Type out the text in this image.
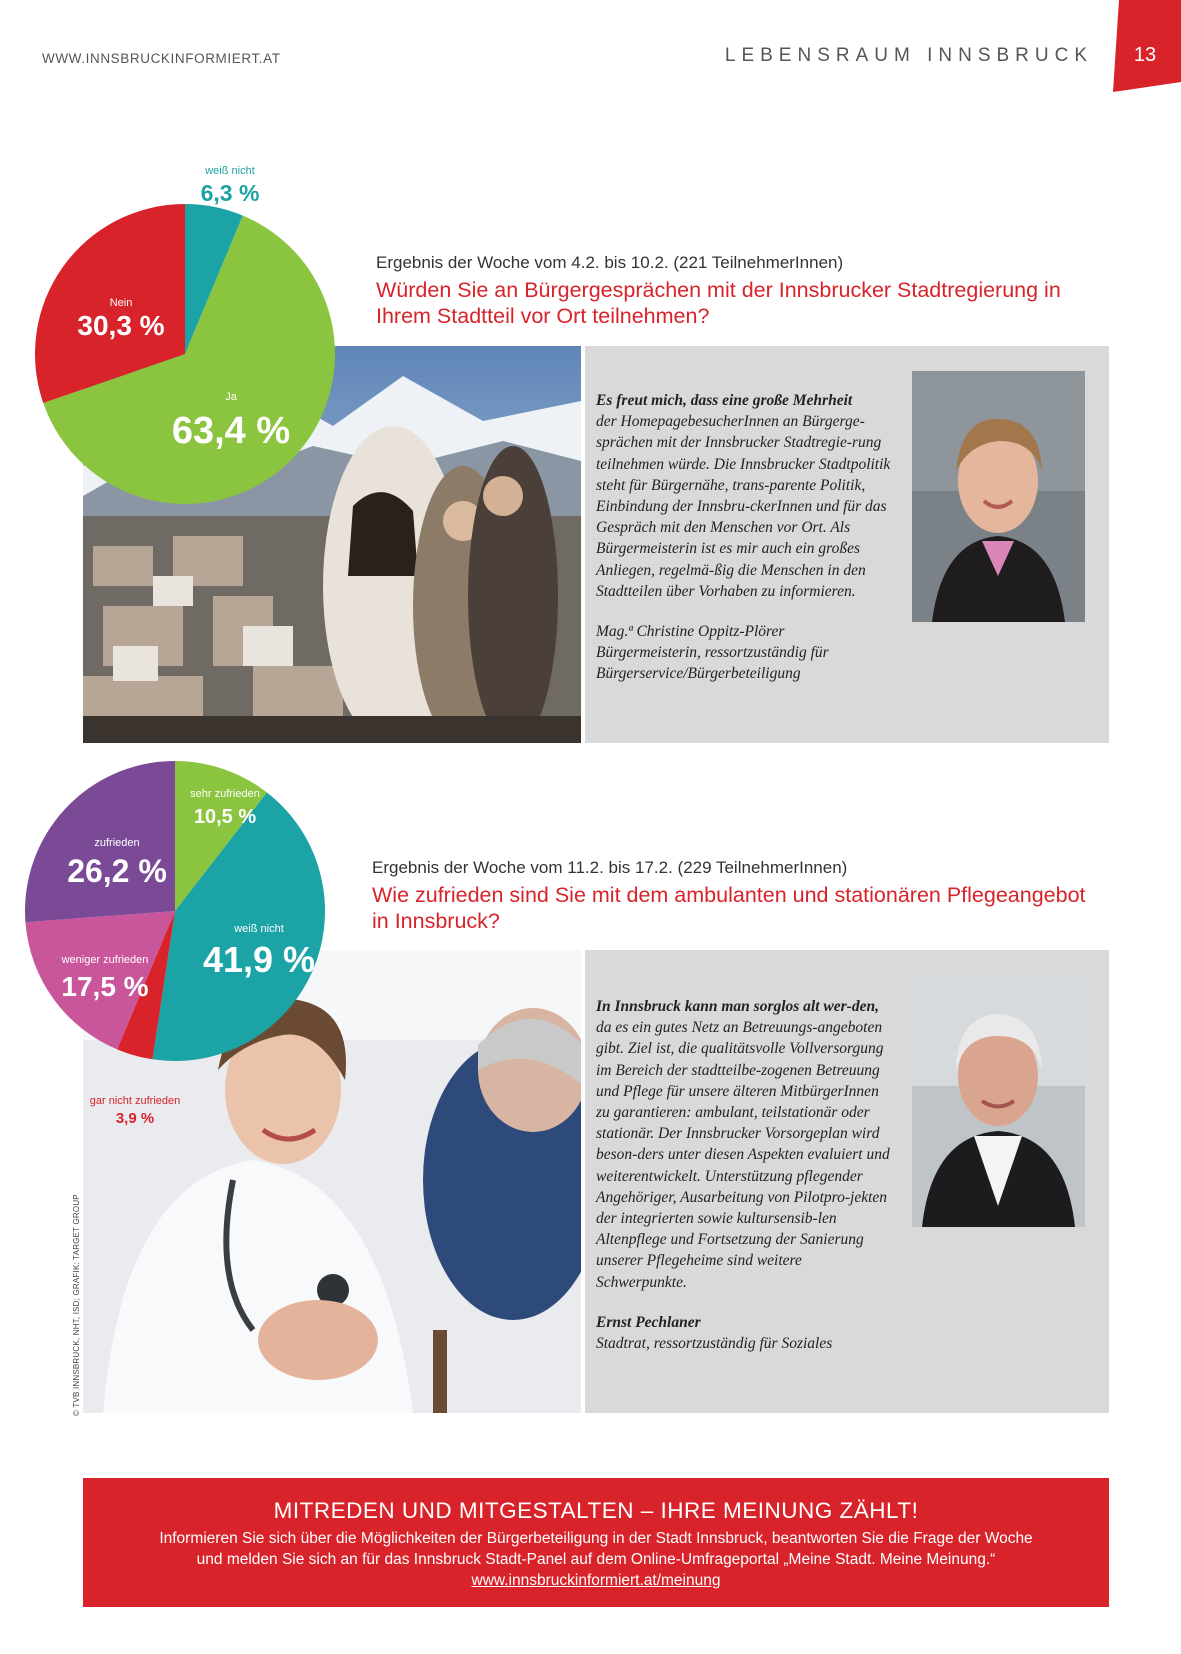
WWW.INNSBRUCKINFORMIERT.AT	LEBENSRAUM INNSBRUCK	13
Es freut mich, dass eine große Mehrheit
der HomepagebesucherInnen an Bürgerge-sprächen mit der Innsbrucker Stadtregie-rung teilnehmen würde. Die Innsbrucker Stadtpolitik steht für Bürgernähe, trans-parente Politik, Einbindung der Innsbru-ckerInnen und für das Gespräch mit den Menschen vor Ort. Als Bürgermeisterin ist es mir auch ein großes Anliegen, regelmä-ßig die Menschen in den Stadtteilen über Vorhaben zu informieren.
Mag.ª Christine Oppitz-Plörer
Bürgermeisterin, ressortzuständig für Bürgerservice/Bürgerbeteiligung
Ergebnis der Woche vom 4.2. bis 10.2. (221 TeilnehmerInnen)
Würden Sie an Bürgergesprächen mit der Innsbrucker Stadtregierung in Ihrem Stadtteil vor Ort teilnehmen?
weiß nicht
6,3 %
Nein
30,3 %
Ja
63,4 %
In Innsbruck kann man sorglos alt wer-den, da es ein gutes Netz an Betreuungs-angeboten gibt. Ziel ist, die qualitätsvolle Vollversorgung im Bereich der stadtteilbe-zogenen Betreuung und Pflege für unsere älteren MitbürgerInnen zu garantieren: ambulant, teilstationär oder stationär. Der Innsbrucker Vorsorgeplan wird beson-ders unter diesen Aspekten evaluiert und weiterentwickelt. Unterstützung pflegender Angehöriger, Ausarbeitung von Pilotpro-jekten der integrierten sowie kultursensib-len Altenpflege und Fortsetzung der Sanierung unserer Pflegeheime sind weitere Schwerpunkte.
Ernst Pechlaner
Stadtrat, ressortzuständig für Soziales
Ergebnis der Woche vom 11.2. bis 17.2. (229 TeilnehmerInnen)
Wie zufrieden sind Sie mit dem ambulanten und stationären Pflegeangebot in Innsbruck?
sehr zufrieden
10,5 %
zufrieden
26,2 %
weiß nicht
41,9 %
weniger zufrieden
17,5 %
gar nicht zufrieden
3,9 %
© TVB INNSBRUCK, NHT, ISD; GRAFIK: TARGET GROUP
MITREDEN UND MITGESTALTEN – IHRE MEINUNG ZÄHLT!
Informieren Sie sich über die Möglichkeiten der Bürgerbeteiligung in der Stadt Innsbruck, beantworten Sie die Frage der Woche
und melden Sie sich an für das Innsbruck Stadt-Panel auf dem Online-Umfrageportal „Meine Stadt. Meine Meinung.“
www.innsbruckinformiert.at/meinung
